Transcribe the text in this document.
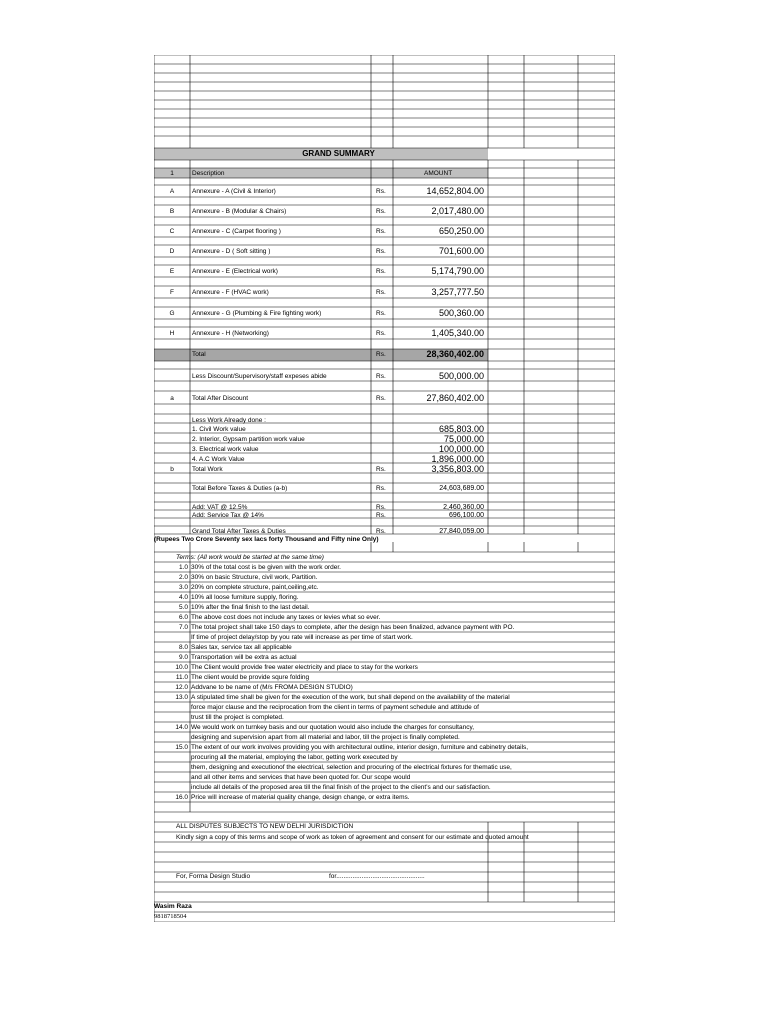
GRAND SUMMARY
1	Description	AMOUNT
A	Annexure - A (Civil & Interior)	Rs.	14,652,804.00
B	Annexure - B (Modular & Chairs)	Rs.	2,017,480.00
C	Annexure - C (Carpet flooring )	Rs.	650,250.00
D	Annexure - D ( Soft sitting )	Rs.	701,600.00
E	Annexure - E (Electrical work)	Rs.	5,174,790.00
F	Annexure - F (HVAC work)	Rs.	3,257,777.50
G	Annexure - G (Plumbing & Fire fighting work)	Rs.	500,360.00
H	Annexure - H (Networking)	Rs.	1,405,340.00
Total	Rs.	28,360,402.00
Less Discount/Supervisory/staff expeses abide	Rs.	500,000.00
a	Total After Discount	Rs.	27,860,402.00
Less Work Already done :
1. Civil Work value	685,803.00
2. Interior, Gypsam partition work value	75,000.00
3. Electrical work value	100,000.00
4. A.C Work Value	1,896,000.00
b	Total Work	Rs.	3,356,803.00
Total Before Taxes & Duties (a-b)	Rs.	24,603,689.00
Add: VAT @ 12.5%	Rs.	2,460,360.00
Add: Service Tax @ 14%	Rs.	696,100.00
Grand Total After Taxes & Duties	Rs.	27,840,059.00
(Rupees Two Crore Seventy sex lacs forty Thousand and Fifty nine Only)
Terms: (All work would be started at the same time)
1.0 30% of the total cost is be given with the work order.
2.0 30% on basic Structure, civil work, Partition.
3.0 20% on complete structure, paint,ceiling,etc.
4.0 10% all loose furniture supply, floring.
5.0 10% after the final finish to the last detail.
6.0 The above cost does not include any taxes or levies what so ever.
7.0 The total project shall take 150 days to complete, after the design has been finalized, advance payment with PO.
If time of project delay/stop by you rate will increase as per time of start work.
8.0 Sales tax, service tax all applicable
9.0 Transportation will be extra as actual
10.0 The Client would provide free water electricity and place to stay for the workers
11.0 The client would be provide squre folding
12.0 Addvane to be name of (M/s FROMA DESIGN STUDIO)
13.0 A stipulated time shall be given for the execution of the work, but shall depend on the availability of the material
force major clause and the reciprocation from the client in terms of payment schedule and attitude of
trust till the project is completed.
14.0 We would work on turnkey basis and our quotation would also include the charges for consultancy,
designing and supervision apart from all material and labor, till the project is finally completed.
15.0 The extent of our work involves providing you with architectural outline, interior design, furniture and cabinetry details,
procuring all the material, employing the labor, getting work executed by
them, designing and executionof the electrical, selection and procuring of the electrical fixtures for thematic use,
and all other items and services that have been quoted for. Our scope would
include all details of the proposed area till the final finish of the project to the client's and our satisfaction.
16.0 Price will increase of material quality change, design change, or extra items.
ALL DISPUTES SUBJECTS TO NEW DELHI JURISDICTION
Kindly sign a copy of this terms and scope of work as token of agreement and consent for our estimate and quoted amount
For, Forma Design Studio	for.................................................
Wasim Raza
9818718504
